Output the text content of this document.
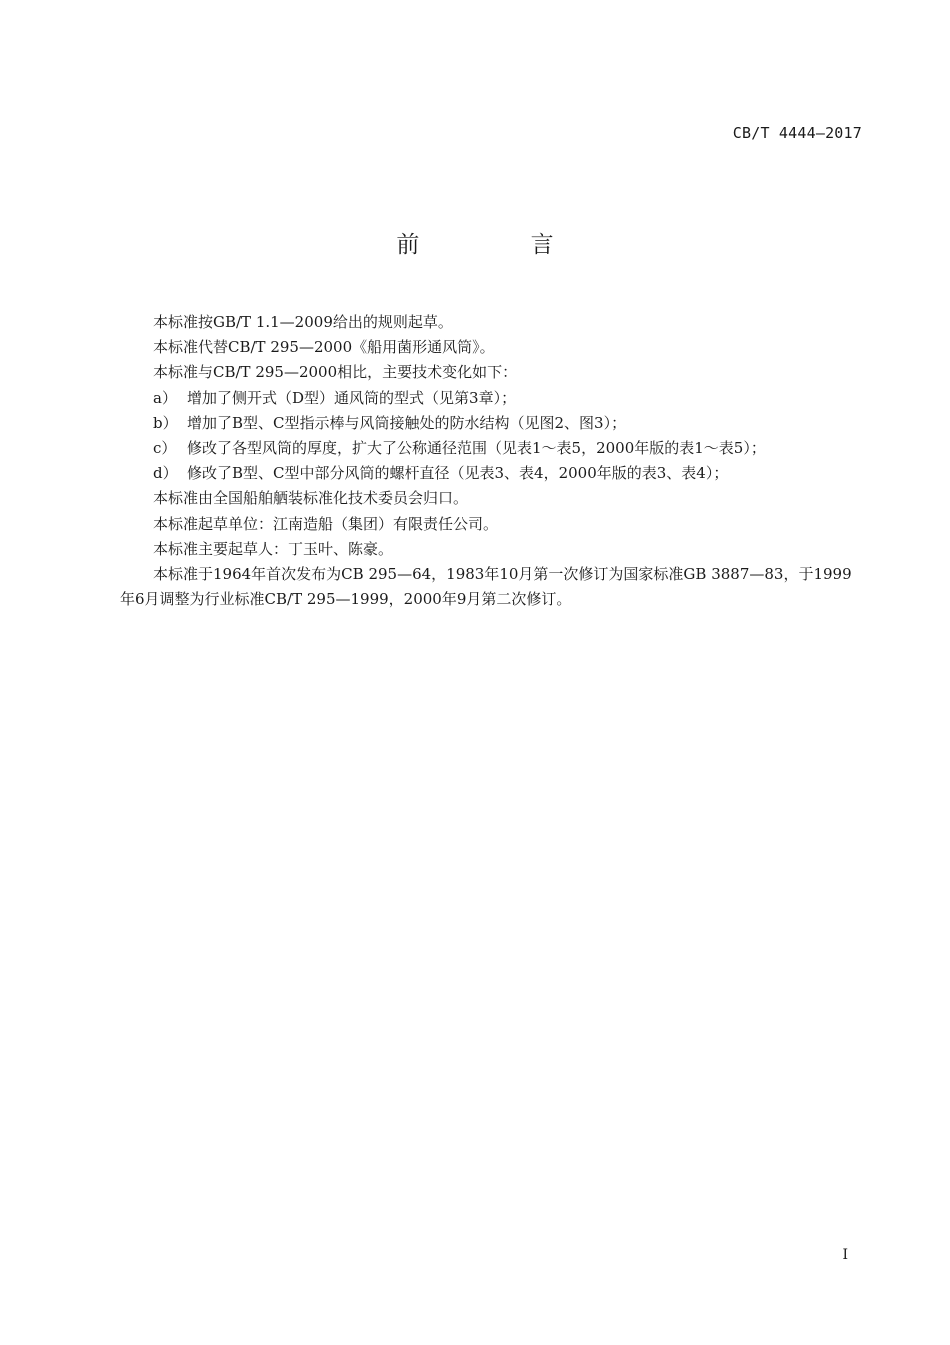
CB/T 4444—2017
前 言

本标准按GB/T 1.1—2009给出的规则起草。

本标准代替CB/T 295—2000《船用菌形通风筒》。

本标准与CB/T 295—2000相比，主要技术变化如下：

a） 增加了侧开式（D型）通风筒的型式（见第3章）；
b） 增加了B型、C型指示棒与风筒接触处的防水结构（见图2、图3）；
c） 修改了各型风筒的厚度，扩大了公称通径范围（见表1～表5，2000年版的表1～表5）；
d） 修改了B型、C型中部分风筒的螺杆直径（见表3、表4，2000年版的表3、表4）；

本标准由全国船舶舾装标准化技术委员会归口。

本标准起草单位：江南造船（集团）有限责任公司。

本标准主要起草人：丁玉叶、陈豪。

本标准于1964年首次发布为CB 295—64，1983年10月第一次修订为国家标准GB 3887—83，于1999年6月调整为行业标准CB/T 295—1999，2000年9月第二次修订。

I
